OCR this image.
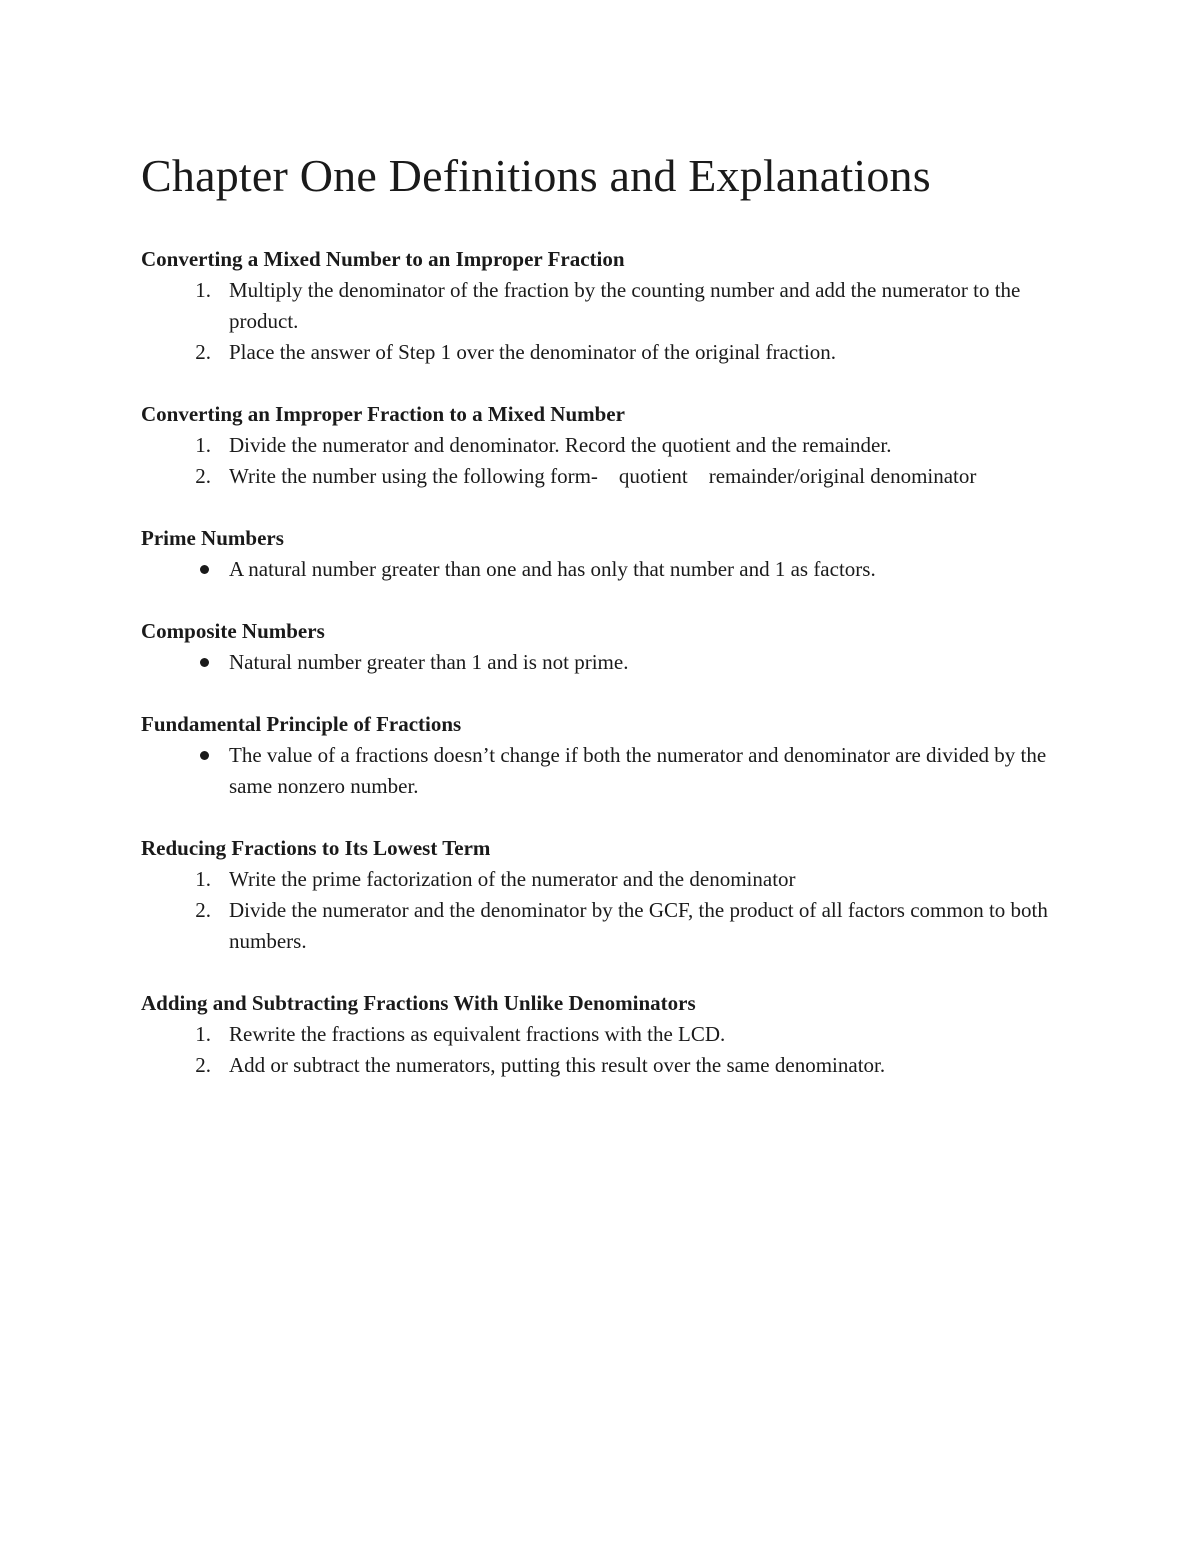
Chapter One Definitions and Explanations
Converting a Mixed Number to an Improper Fraction
1. Multiply the denominator of the fraction by the counting number and add the numerator to the product.
2. Place the answer of Step 1 over the denominator of the original fraction.
Converting an Improper Fraction to a Mixed Number
1. Divide the numerator and denominator. Record the quotient and the remainder.
2. Write the number using the following form-    quotient    remainder/original denominator
Prime Numbers
A natural number greater than one and has only that number and 1 as factors.
Composite Numbers
Natural number greater than 1 and is not prime.
Fundamental Principle of Fractions
The value of a fractions doesn’t change if both the numerator and denominator are divided by the same nonzero number.
Reducing Fractions to Its Lowest Term
1. Write the prime factorization of the numerator and the denominator
2. Divide the numerator and the denominator by the GCF, the product of all factors common to both numbers.
Adding and Subtracting Fractions With Unlike Denominators
1. Rewrite the fractions as equivalent fractions with the LCD.
2. Add or subtract the numerators, putting this result over the same denominator.
